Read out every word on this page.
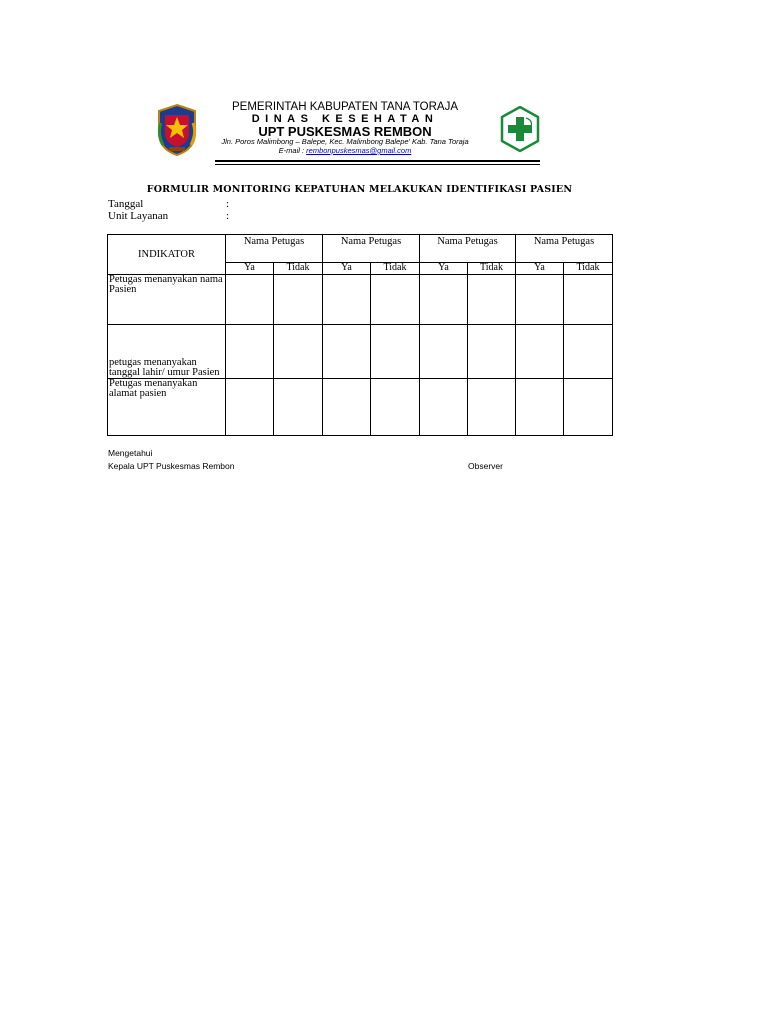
PEMERINTAH KABUPATEN TANA TORAJA
DINAS KESEHATAN
UPT PUSKESMAS REMBON
Jln. Poros Malimbong – Balepe, Kec. Malimbong Balepe' Kab. Tana Toraja
E-mail : rembonpuskesmas@gmail.com
FORMULIR MONITORING KEPATUHAN MELAKUKAN IDENTIFIKASI PASIEN
Tanggal	:
Unit Layanan	:
INDIKATOR	Nama Petugas		Nama Petugas		Nama Petugas		Nama Petugas	
	Ya	Tidak	Ya	Tidak	Ya	Tidak	Ya	Tidak
Petugas menanyakan nama Pasien								
petugas menanyakan tanggal lahir/ umur Pasien								
Petugas menanyakan alamat pasien								
Mengetahui
Kepala UPT Puskesmas Rembon	Observer
